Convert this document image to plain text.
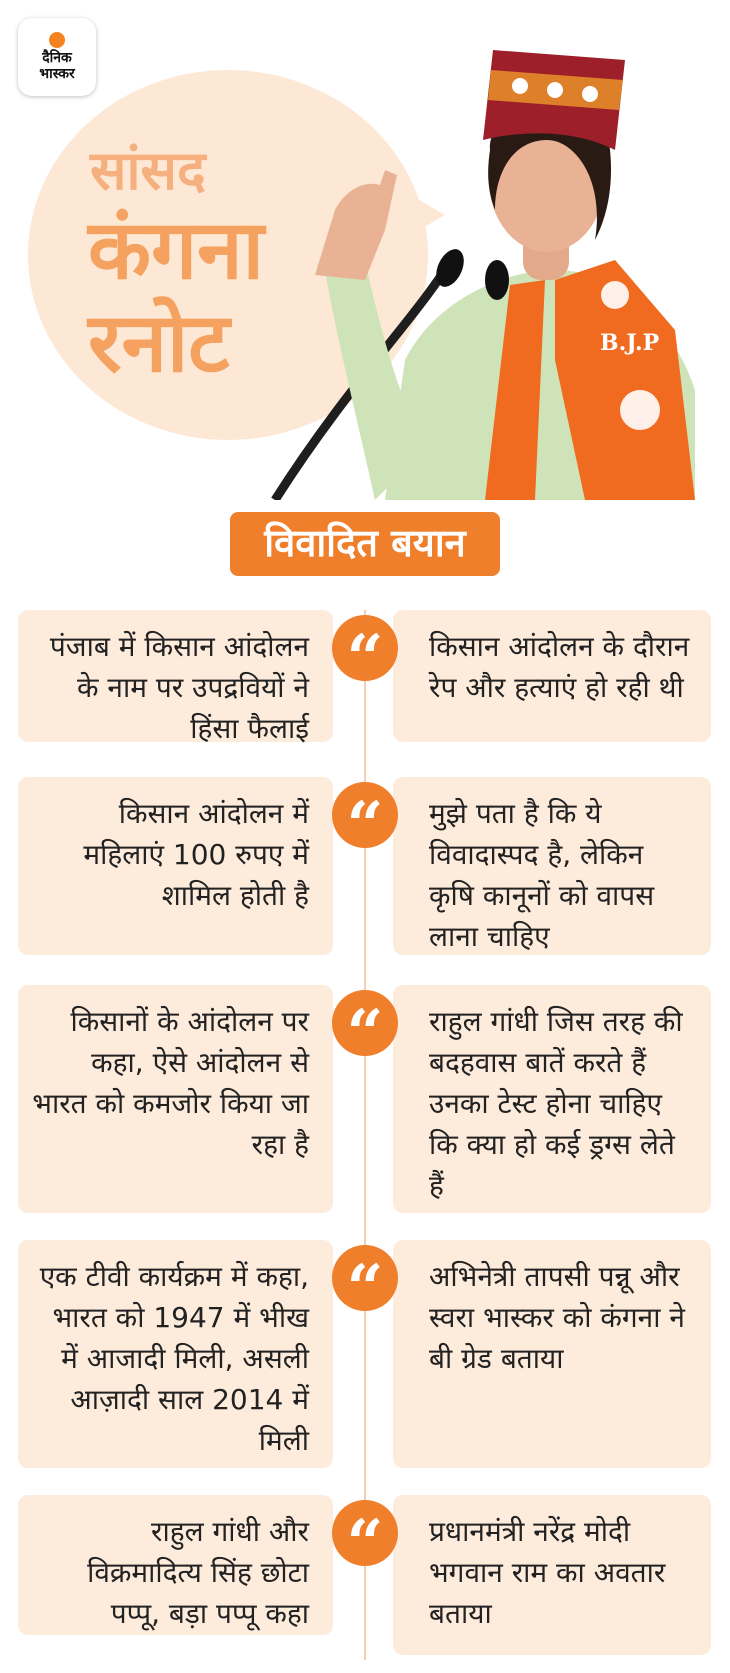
दैनिक
भास्कर
सांसद
कंगना
रनोट	B.J.P
विवादित बयान
पंजाब में किसान आंदोलन के नाम पर उपद्रवियों ने हिंसा फैलाई
किसान आंदोलन के दौरान रेप और हत्याएं हो रही थी
“
किसान आंदोलन में महिलाएं 100 रुपए में शामिल होती है
मुझे पता है कि ये विवादास्पद है, लेकिन कृषि कानूनों को वापस लाना चाहिए
“
किसानों के आंदोलन पर कहा, ऐसे आंदोलन से भारत को कमजोर किया जा रहा है
राहुल गांधी जिस तरह की बदहवास बातें करते हैं उनका टेस्ट होना चाहिए कि क्या हो कई ड्रग्स लेते हैं
“
एक टीवी कार्यक्रम में कहा, भारत को 1947 में भीख में आजादी मिली, असली आज़ादी साल 2014 में मिली
अभिनेत्री तापसी पन्नू और स्वरा भास्कर को कंगना ने बी ग्रेड बताया
“
राहुल गांधी और विक्रमादित्य सिंह छोटा पप्पू, बड़ा पप्पू कहा
प्रधानमंत्री नरेंद्र मोदी भगवान राम का अवतार बताया
“
